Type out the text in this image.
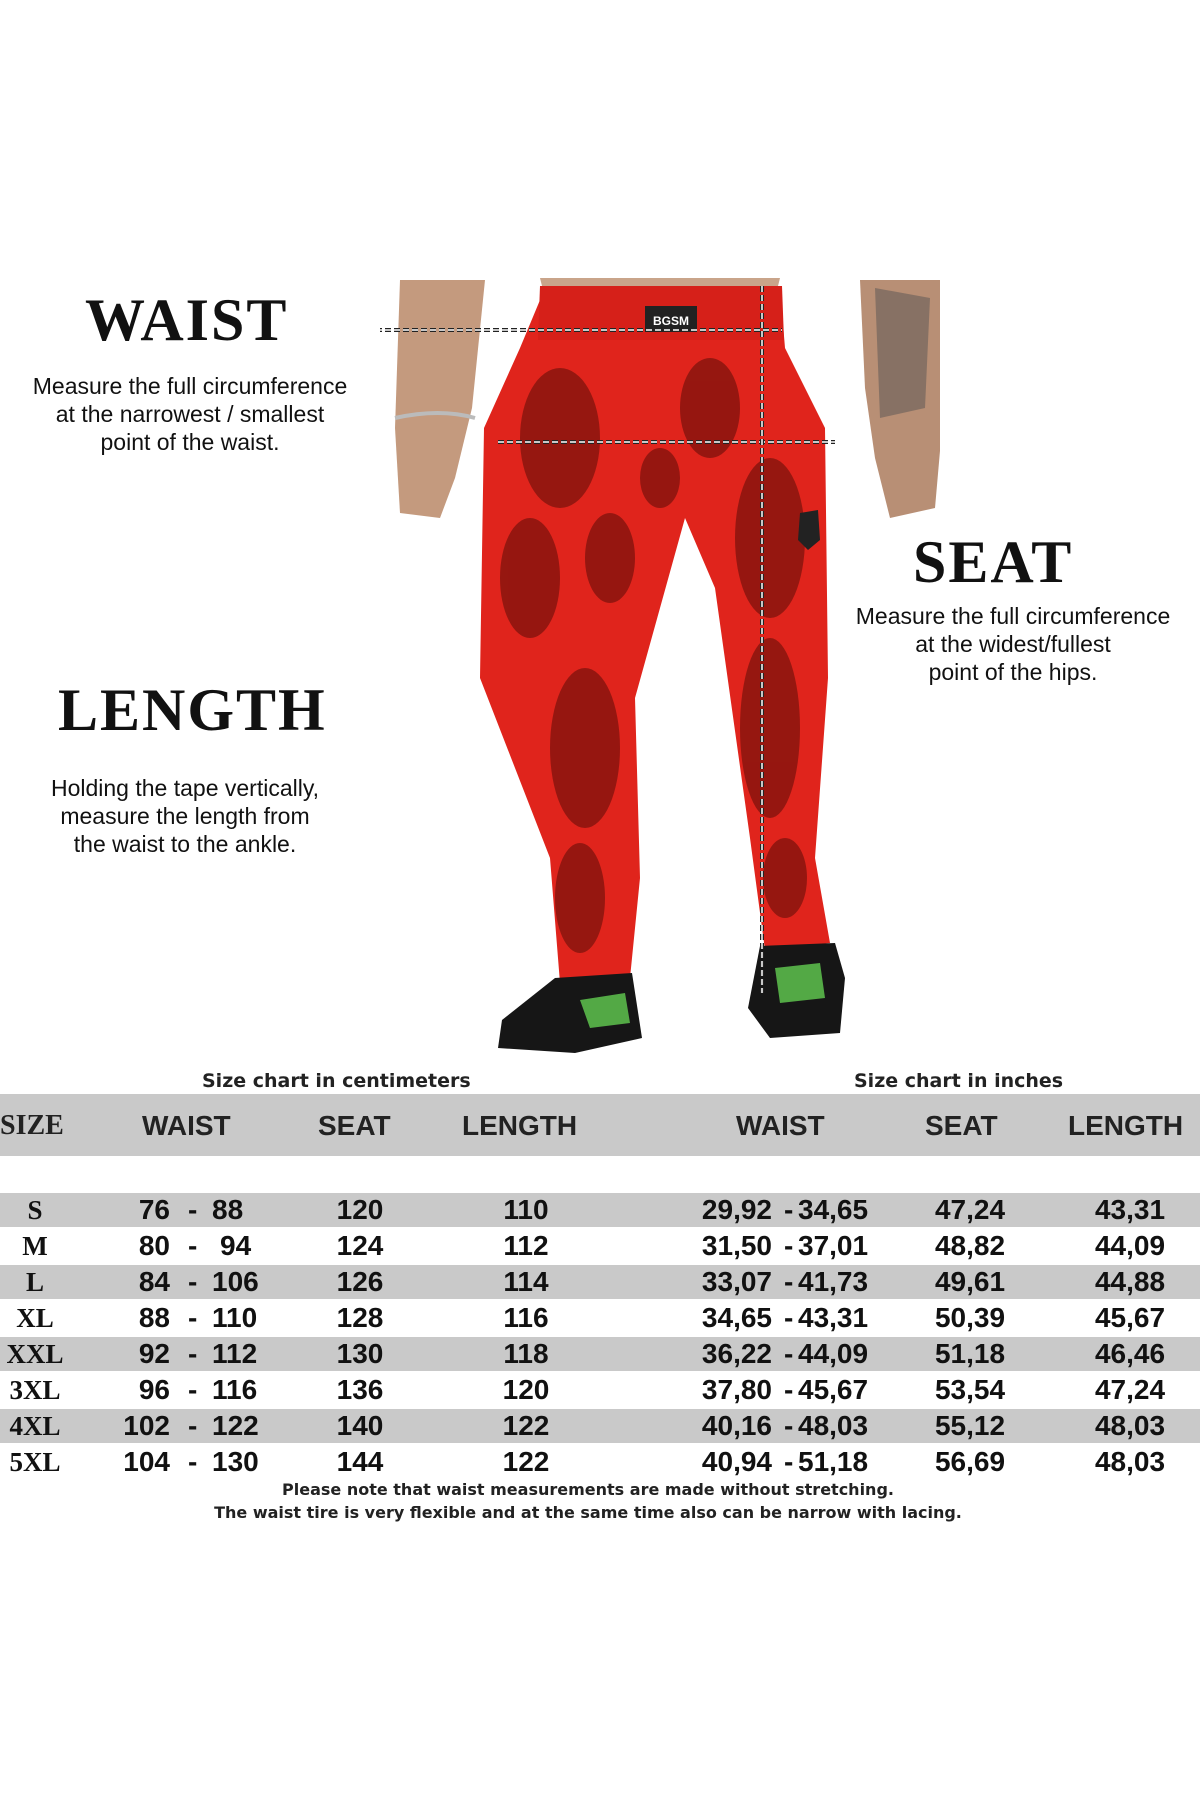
WAIST
Measure the full circumference
at the narrowest / smallest
point of the waist.
SEAT
Measure the full circumference
at the widest/fullest
point of the hips.
LENGTH
Holding the tape vertically,
measure the length from
the waist to the ankle.
BGSM
Size chart in centimeters	Size chart in inches
SIZE	WAIST	SEAT	LENGTH	WAIST	SEAT	LENGTH
S	76 - 88	120	110	29,92 - 34,65	47,24	43,31
M	80 - 94	124	112	31,50 - 37,01	48,82	44,09
L	84 - 106	126	114	33,07 - 41,73	49,61	44,88
XL	88 - 110	128	116	34,65 - 43,31	50,39	45,67
XXL	92 - 112	130	118	36,22 - 44,09	51,18	46,46
3XL	96 - 116	136	120	37,80 - 45,67	53,54	47,24
4XL	102 - 122	140	122	40,16 - 48,03	55,12	48,03
5XL	104 - 130	144	122	40,94 - 51,18	56,69	48,03
Please note that waist measurements are made without stretching.
The waist tire is very flexible and at the same time also can be narrow with lacing.
